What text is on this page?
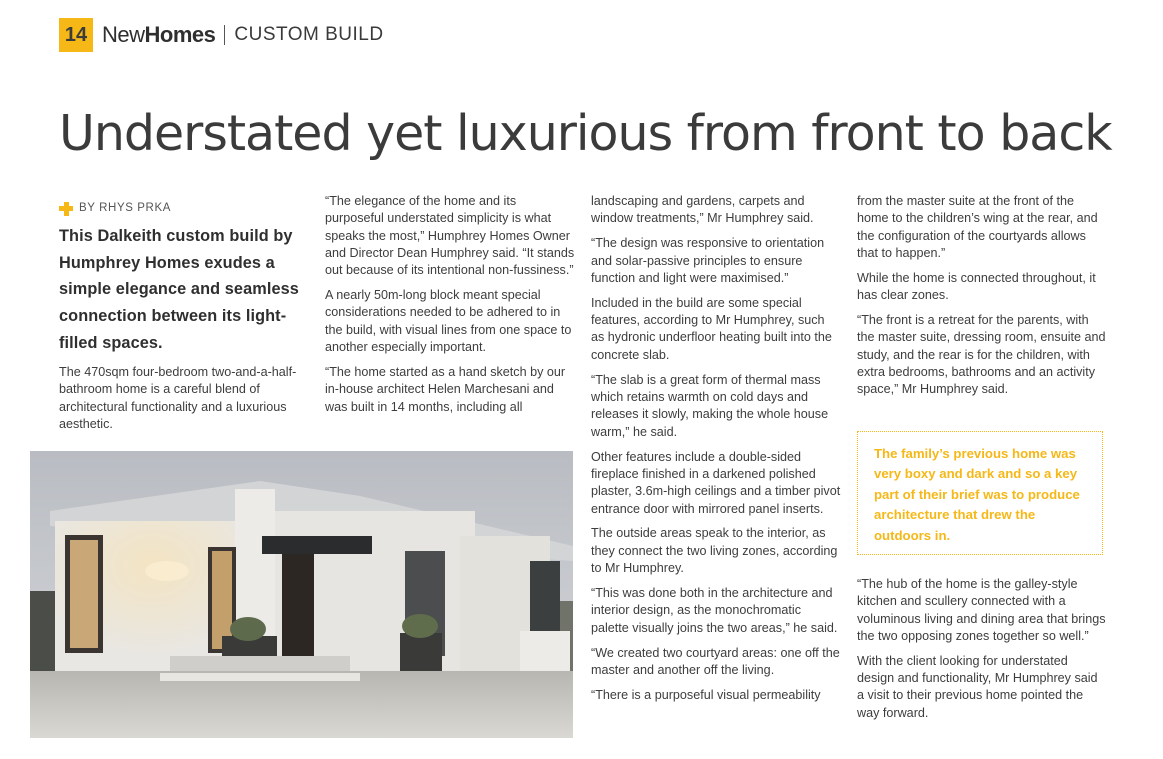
14 NewHomes CUSTOM BUILD
Understated yet luxurious from front to back
BY RHYS PRKA

This Dalkeith custom build by Humphrey Homes exudes a simple elegance and seamless connection between its light-filled spaces.

The 470sqm four-bedroom two-and-a-half-bathroom home is a careful blend of architectural functionality and a luxurious aesthetic.

“The elegance of the home and its purposeful understated simplicity is what speaks the most,” Humphrey Homes Owner and Director Dean Humphrey said. “It stands out because of its intentional non-fussiness.”

A nearly 50m-long block meant special considerations needed to be adhered to in the build, with visual lines from one space to another especially important.

“The home started as a hand sketch by our in-house architect Helen Marchesani and was built in 14 months, including all

landscaping and gardens, carpets and window treatments,” Mr Humphrey said.

“The design was responsive to orientation and solar-passive principles to ensure function and light were maximised.”

Included in the build are some special features, according to Mr Humphrey, such as hydronic underfloor heating built into the concrete slab.

“The slab is a great form of thermal mass which retains warmth on cold days and releases it slowly, making the whole house warm,” he said.

Other features include a double-sided fireplace finished in a darkened polished plaster, 3.6m-high ceilings and a timber pivot entrance door with mirrored panel inserts.

The outside areas speak to the interior, as they connect the two living zones, according to Mr Humphrey.

“This was done both in the architecture and interior design, as the monochromatic palette visually joins the two areas,” he said.

“We created two courtyard areas: one off the master and another off the living.

“There is a purposeful visual permeability

from the master suite at the front of the home to the children’s wing at the rear, and the configuration of the courtyards allows that to happen.”

While the home is connected throughout, it has clear zones.

“The front is a retreat for the parents, with the master suite, dressing room, ensuite and study, and the rear is for the children, with extra bedrooms, bathrooms and an activity space,” Mr Humphrey said.

The family’s previous home was very boxy and dark and so a key part of their brief was to produce architecture that drew the outdoors in.

“The hub of the home is the galley-style kitchen and scullery connected with a voluminous living and dining area that brings the two opposing zones together so well.”

With the client looking for understated design and functionality, Mr Humphrey said a visit to their previous home pointed the way forward.
